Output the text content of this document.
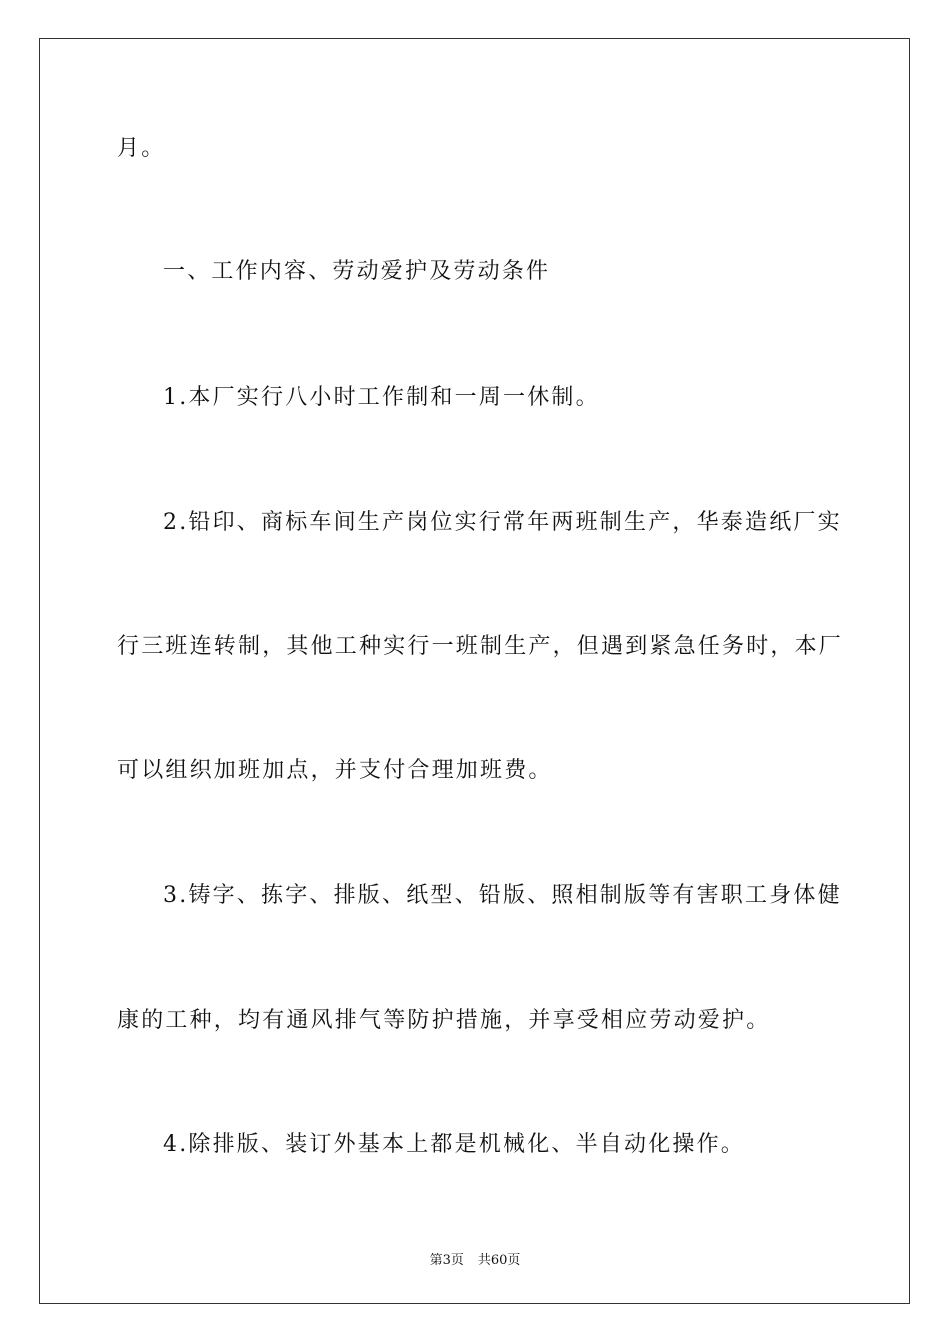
月。
一、工作内容、劳动爱护及劳动条件
1.本厂实行八小时工作制和一周一休制。
2.铅印、商标车间生产岗位实行常年两班制生产，华泰造纸厂实
行三班连转制，其他工种实行一班制生产，但遇到紧急任务时，本厂
可以组织加班加点，并支付合理加班费。
3.铸字、拣字、排版、纸型、铅版、照相制版等有害职工身体健
康的工种，均有通风排气等防护措施，并享受相应劳动爱护。
4.除排版、装订外基本上都是机械化、半自动化操作。
第3页 共60页
